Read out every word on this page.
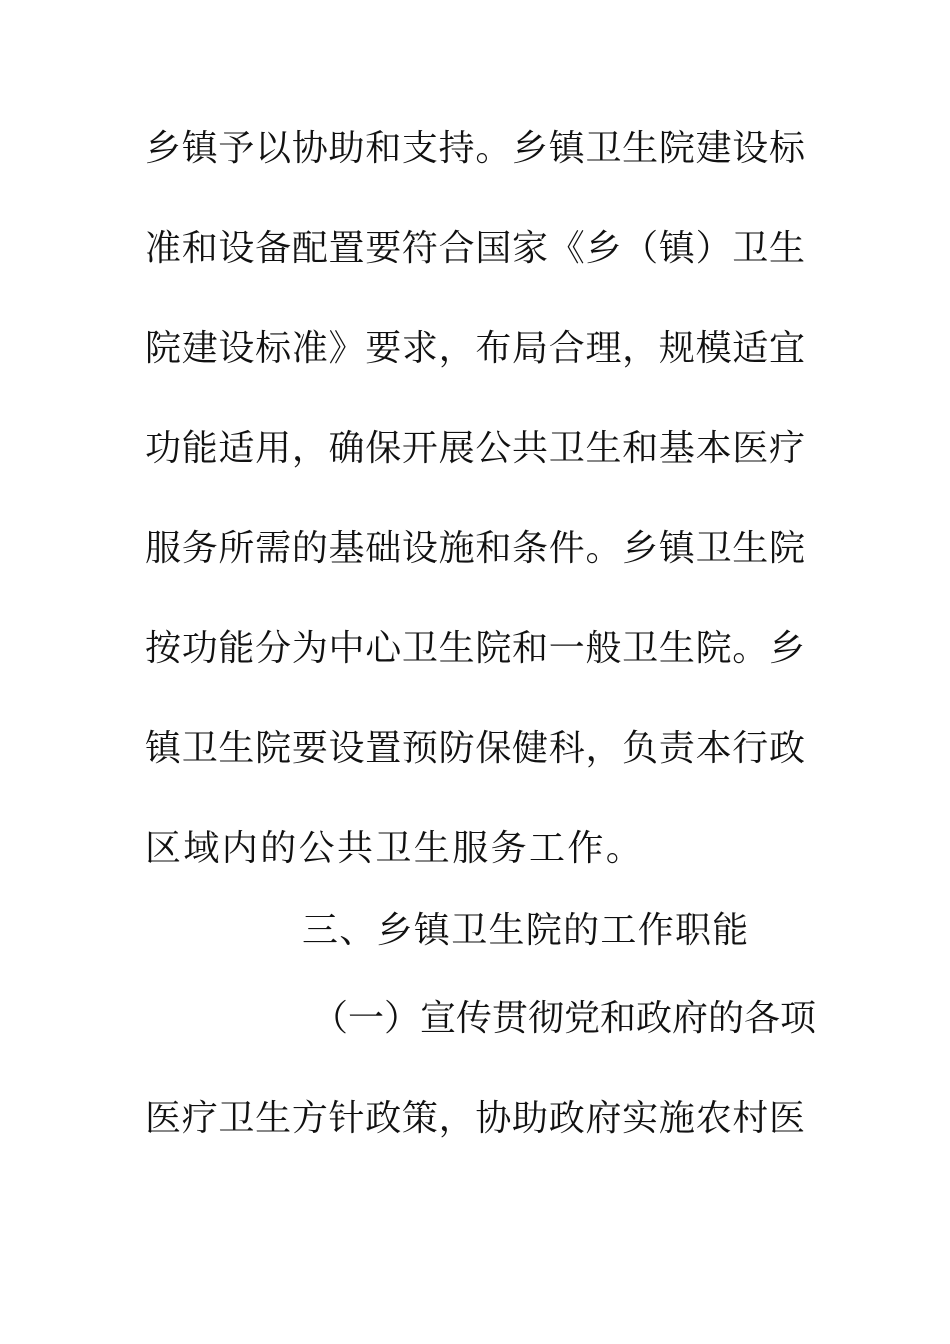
乡镇予以协助和支持。乡镇卫生院建设标
准和设备配置要符合国家《乡（镇）卫生
院建设标准》要求，布局合理，规模适宜
功能适用，确保开展公共卫生和基本医疗
服务所需的基础设施和条件。乡镇卫生院
按功能分为中心卫生院和一般卫生院。乡
镇卫生院要设置预防保健科，负责本行政
区域内的公共卫生服务工作。
三、乡镇卫生院的工作职能
（一）宣传贯彻党和政府的各项
医疗卫生方针政策，协助政府实施农村医
